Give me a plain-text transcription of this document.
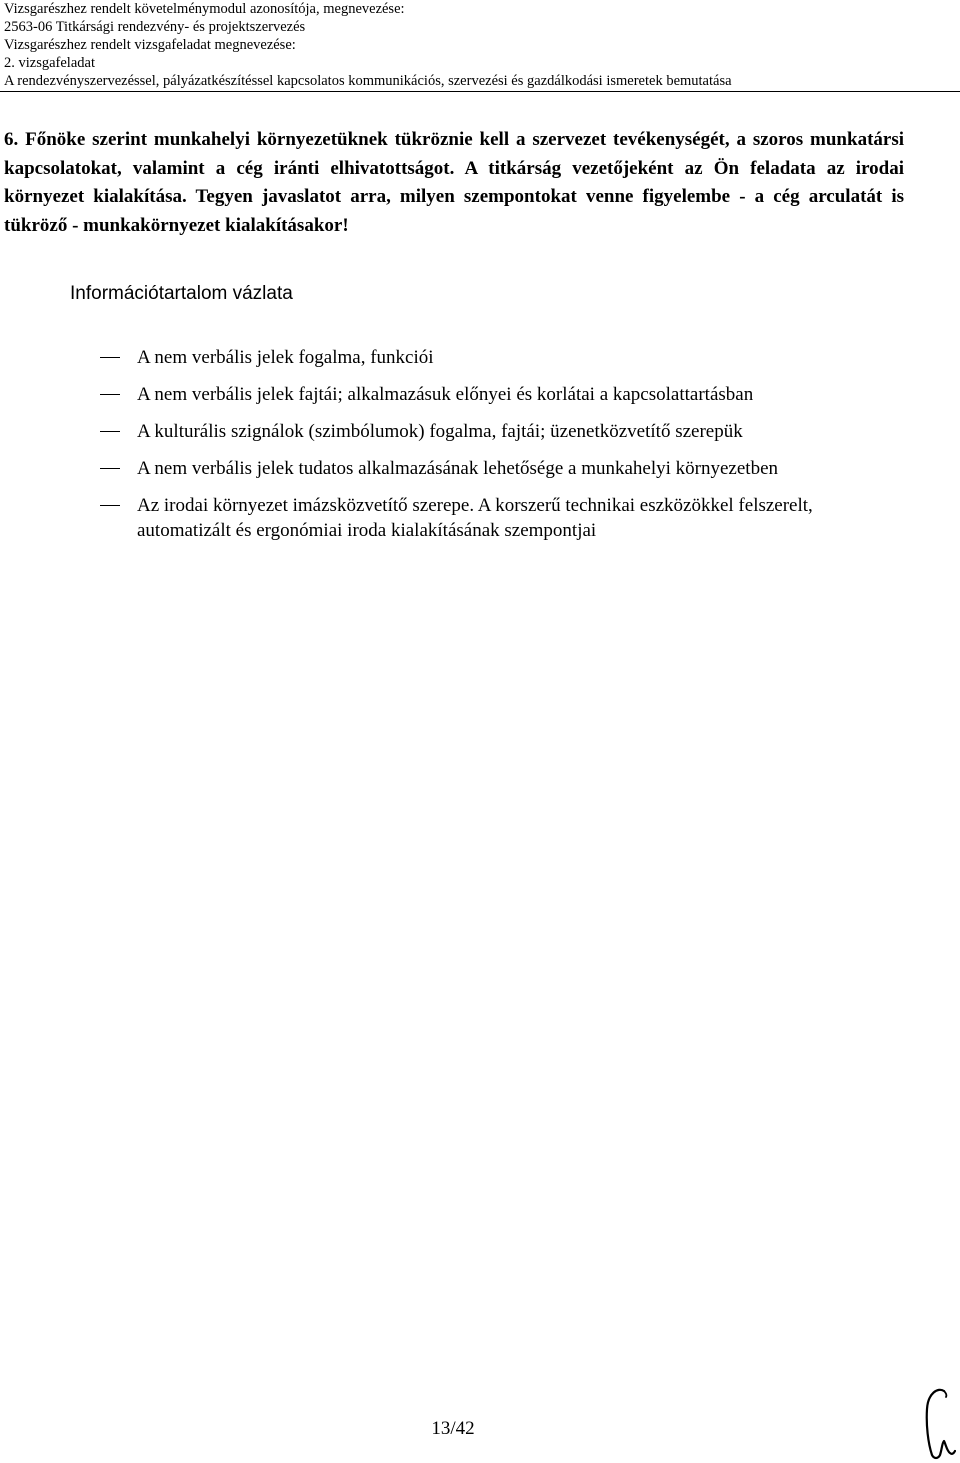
Vizsgarészhez rendelt követelménymodul azonosítója, megnevezése:
2563-06 Titkársági rendezvény- és projektszervezés
Vizsgarészhez rendelt vizsgafeladat megnevezése:
2. vizsgafeladat
A rendezvényszervezéssel, pályázatkészítéssel kapcsolatos kommunikációs, szervezési és gazdálkodási ismeretek bemutatása
6. Főnöke szerint munkahelyi környezetüknek tükröznie kell a szervezet tevékenységét, a szoros munkatársi kapcsolatokat, valamint a cég iránti elhivatottságot. A titkárság vezetőjeként az Ön feladata az irodai környezet kialakítása. Tegyen javaslatot arra, milyen szempontokat venne figyelembe - a cég arculatát is tükröző - munkakörnyezet kialakításakor!
Információtartalom vázlata
A nem verbális jelek fogalma, funkciói
A nem verbális jelek fajtái; alkalmazásuk előnyei és korlátai a kapcsolattartásban
A kulturális szignálok (szimbólumok) fogalma, fajtái; üzenetközvetítő szerepük
A nem verbális jelek tudatos alkalmazásának lehetősége a munkahelyi környezetben
Az irodai környezet imázsközvetítő szerepe. A korszerű technikai eszközökkel felszerelt, automatizált és ergonómiai iroda kialakításának szempontjai
13/42
